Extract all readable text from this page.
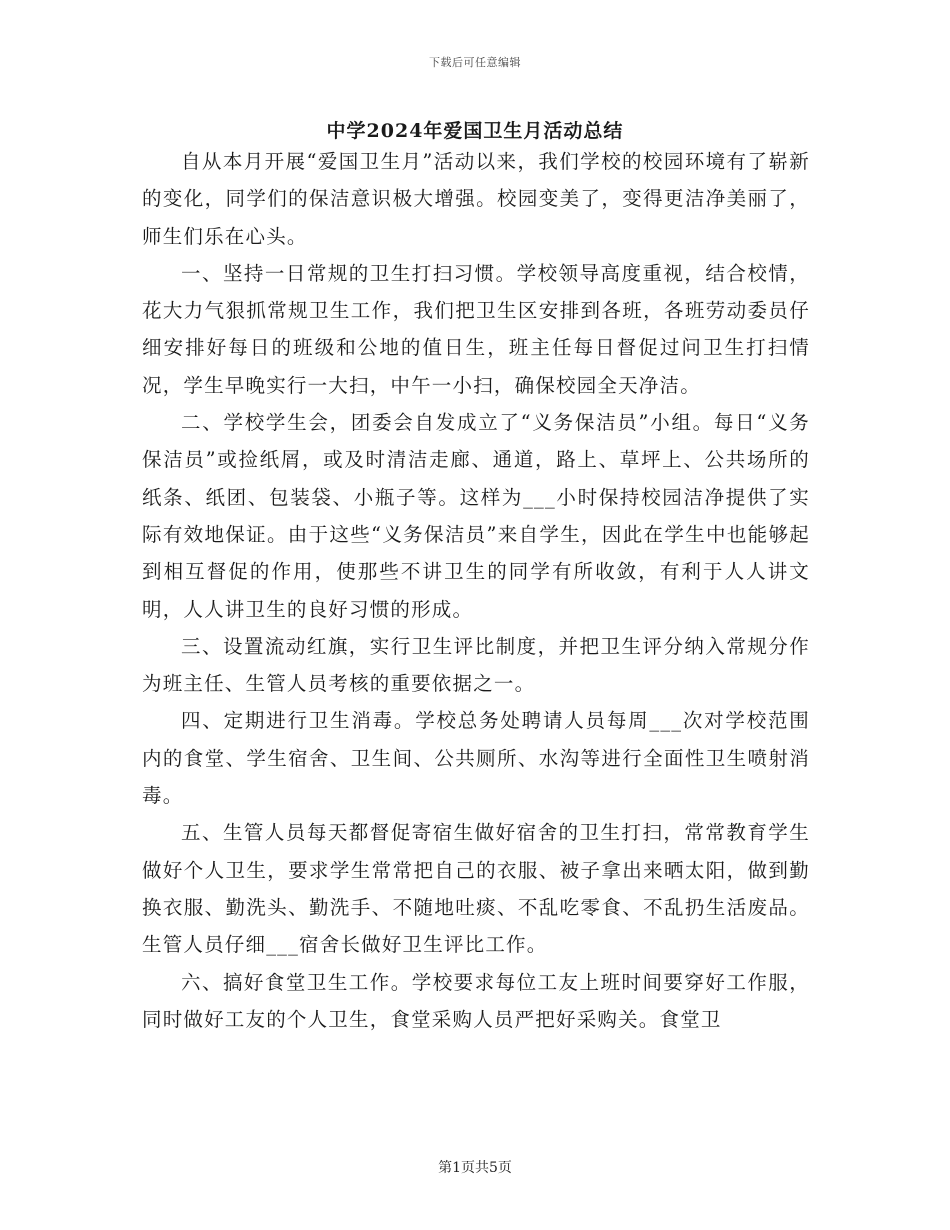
下载后可任意编辑
中学2024年爱国卫生月活动总结

自从本月开展“爱国卫生月”活动以来，我们学校的校园环境有了崭新的变化，同学们的保洁意识极大增强。校园变美了，变得更洁净美丽了，师生们乐在心头。

一、坚持一日常规的卫生打扫习惯。学校领导高度重视，结合校情，花大力气狠抓常规卫生工作，我们把卫生区安排到各班，各班劳动委员仔细安排好每日的班级和公地的值日生，班主任每日督促过问卫生打扫情况，学生早晚实行一大扫，中午一小扫，确保校园全天净洁。

二、学校学生会，团委会自发成立了“义务保洁员”小组。每日“义务保洁员”或捡纸屑，或及时清洁走廊、通道，路上、草坪上、公共场所的纸条、纸团、包装袋、小瓶子等。这样为___小时保持校园洁净提供了实际有效地保证。由于这些“义务保洁员”来自学生，因此在学生中也能够起到相互督促的作用，使那些不讲卫生的同学有所收敛，有利于人人讲文明，人人讲卫生的良好习惯的形成。

三、设置流动红旗，实行卫生评比制度，并把卫生评分纳入常规分作为班主任、生管人员考核的重要依据之一。

四、定期进行卫生消毒。学校总务处聘请人员每周___次对学校范围内的食堂、学生宿舍、卫生间、公共厕所、水沟等进行全面性卫生喷射消毒。

五、生管人员每天都督促寄宿生做好宿舍的卫生打扫，常常教育学生做好个人卫生，要求学生常常把自己的衣服、被子拿出来晒太阳，做到勤换衣服、勤洗头、勤洗手、不随地吐痰、不乱吃零食、不乱扔生活废品。生管人员仔细___宿舍长做好卫生评比工作。

六、搞好食堂卫生工作。学校要求每位工友上班时间要穿好工作服，同时做好工友的个人卫生，食堂采购人员严把好采购关。食堂卫

第1页共5页
